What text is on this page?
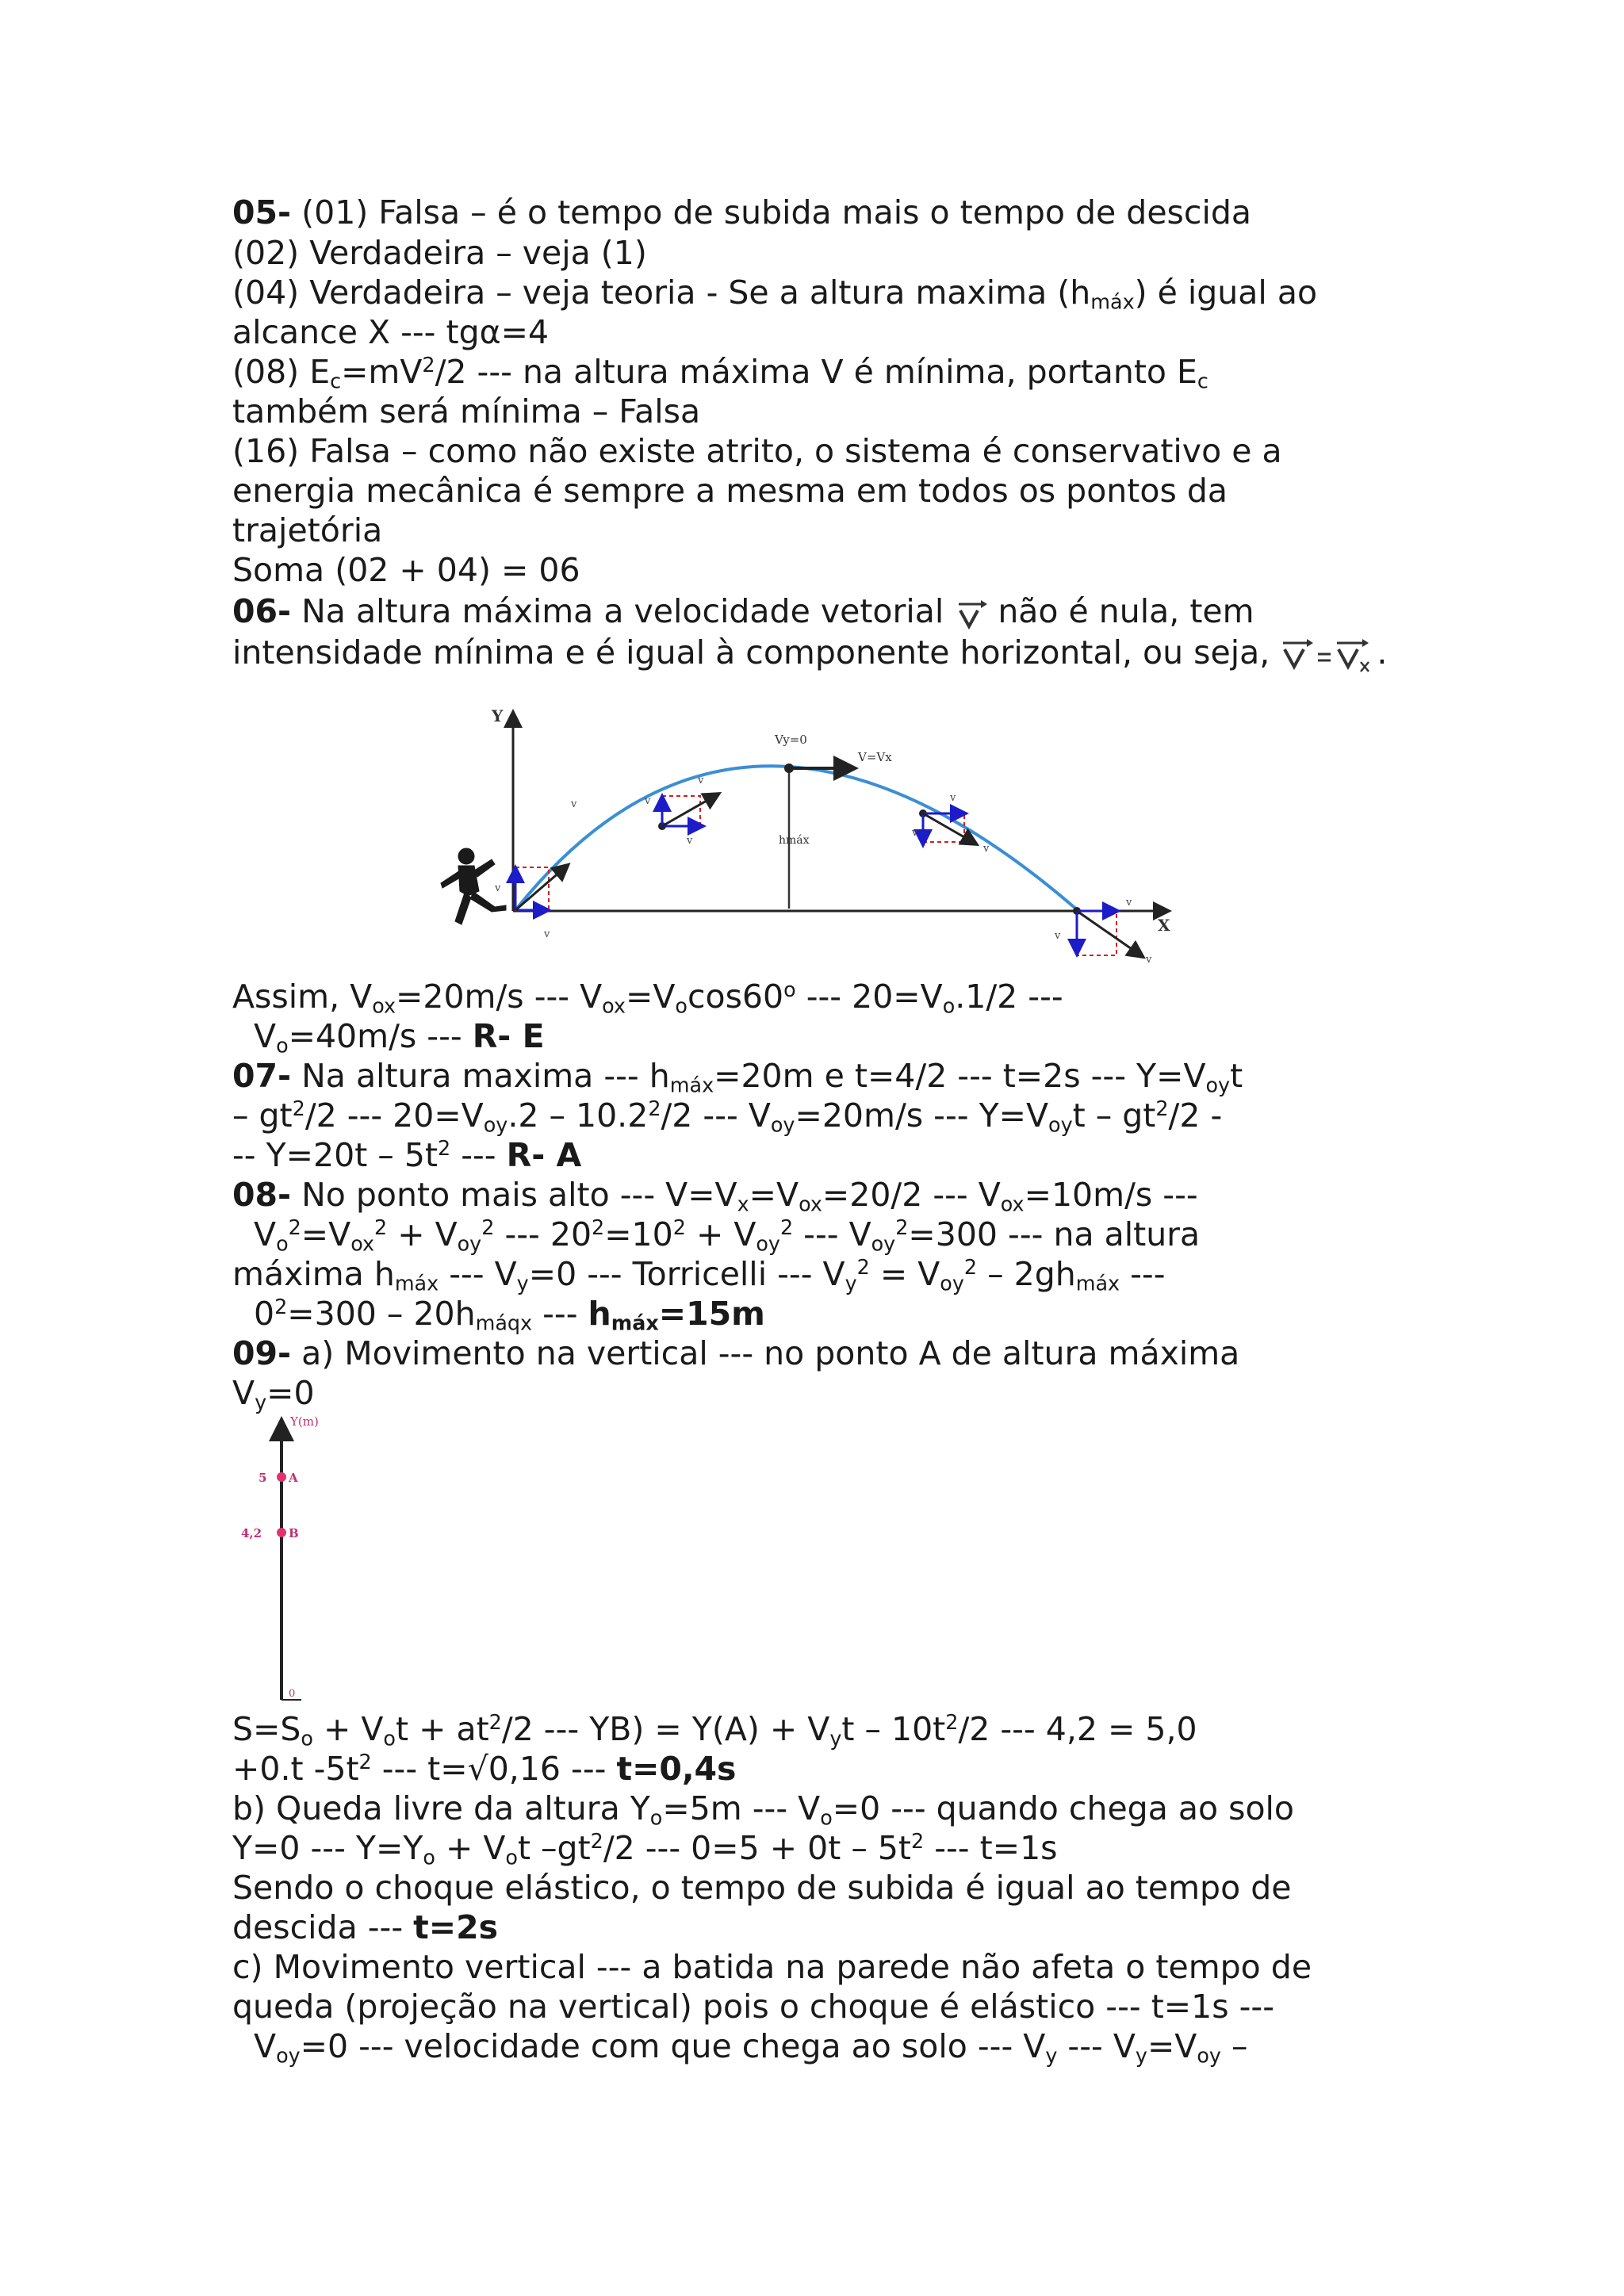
05- (01) Falsa – é o tempo de subida mais o tempo de descida
(02) Verdadeira – veja (1)
(04) Verdadeira – veja teoria - Se a altura maxima $(h_{máx})$ é igual ao
alcance X --- tgα=4
(08) $E_c=mV^2/2$ --- na altura máxima V é mínima, portanto $E_c$
também será mínima – Falsa
(16) Falsa – como não existe atrito, o sistema é conservativo e a
energia mecânica é sempre a mesma em todos os pontos da
trajetória
Soma (02 + 04) = 06
06- Na altura máxima a velocidade vetorial  não é nula, tem
intensidade mínima e é igual à componente horizontal, ou seja,	.
Y
X
hmáx
Vy=0
V=Vx
v
v
v
v
v
v	v
v
v
v
v
v
Assim, $V_{ox}=20m/s$ --- $V_{ox}=V_o\cos 60^o$ --- $20=V_o.1/2$ ---
$V_o=40m/s$ --- R- E
07- Na altura maxima --- $h_{máx}=20m$ e t=4/2 --- t=2s --- $Y=V_{oy}t$
– $gt^2/2$ --- $20=V_{oy}.2 - 10.2^2/2$ --- $V_{oy}=20m/s$ --- $Y=V_{oy}t - gt^2/2$ -
-- $Y=20t - 5t^2$ --- R- A
08- No ponto mais alto --- $V=V_x=V_{ox}=20/2$ --- $V_{ox}=10m/s$ ---
$V_o^2=V_{ox}^2 + V_{oy}^2$ --- $20^2=10^2 + V_{oy}^2$ --- $V_{oy}^2=300$ --- na altura
máxima $h_{máx}$ --- $V_y=0$ --- Torricelli --- $V_y^2 = V_{oy}^2 - 2gh_{máx}$ ---
$0^2=300 - 20h_{máqx}$ --- $h_{máx}=15m$
09- a) Movimento na vertical --- no ponto A de altura máxima
$V_y=0$
Y(m)
5 A
4,2 B
0
$S=S_o + V_ot + at^2/2$ --- $YB) = Y(A) + V_yt - 10t^2/2$ --- 4,2 = 5,0
+0.t $-5t^2$ --- t=√0,16 --- t=0,4s
b) Queda livre da altura $Y_o=5m$ --- $V_o=0$ --- quando chega ao solo
Y=0 --- $Y=Y_o + V_ot$ $-gt^2/2$ --- $0=5 + 0t - 5t^2$ --- t=1s
Sendo o choque elástico, o tempo de subida é igual ao tempo de
descida --- t=2s
c) Movimento vertical --- a batida na parede não afeta o tempo de
queda (projeção na vertical) pois o choque é elástico --- t=1s ---
$V_{oy}=0$ --- velocidade com que chega ao solo --- $V_y$ --- $V_y=V_{oy}$ –
